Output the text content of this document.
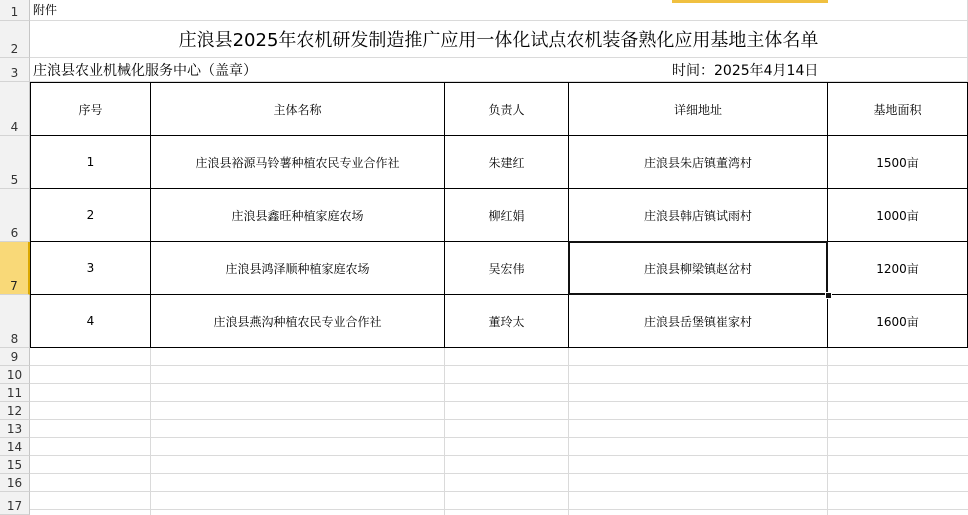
1
2
3
4
5
6
7
8
9
10
11
12
13
14
15
16
17
附件
庄浪县2025年农机研发制造推广应用一体化试点农机装备熟化应用基地主体名单
庄浪县农业机械化服务中心（盖章）	时间：2025年4月14日
序号	主体名称	负责人	详细地址	基地面积
1	庄浪县裕源马铃薯种植农民专业合作社	朱建红	庄浪县朱店镇董湾村	1500亩
2	庄浪县鑫旺种植家庭农场	柳红娟	庄浪县韩店镇试雨村	1000亩
3	庄浪县鸿泽顺种植家庭农场	吴宏伟	庄浪县柳梁镇赵岔村	1200亩
4	庄浪县燕沟种植农民专业合作社	董玲太	庄浪县岳堡镇崔家村	1600亩
